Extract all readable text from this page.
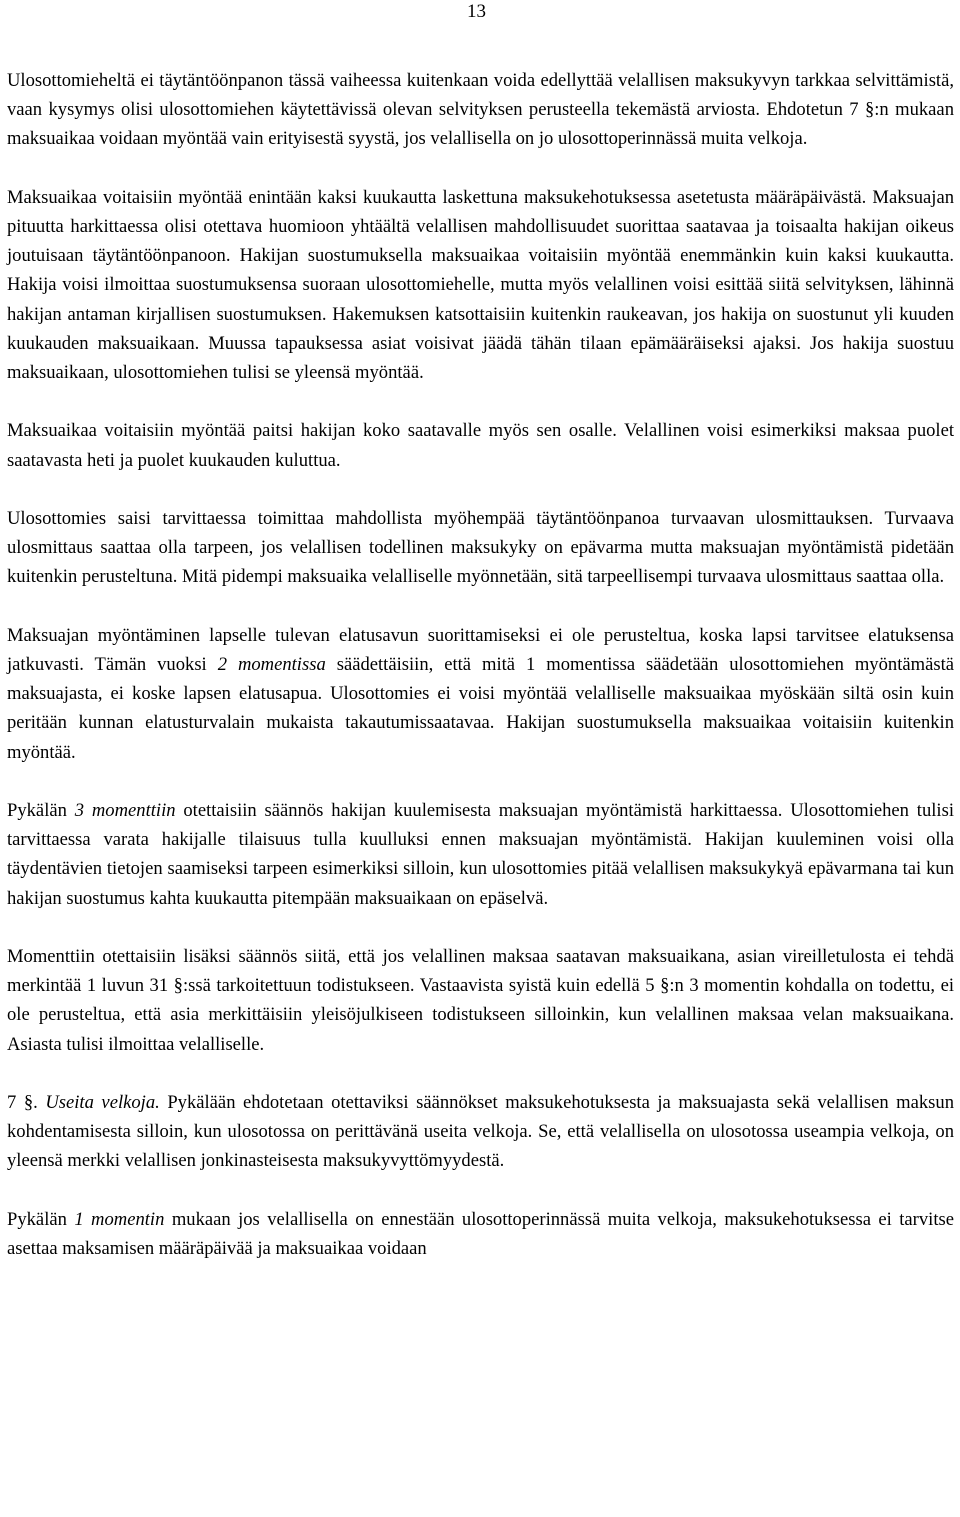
13

Ulosottomieheltä ei täytäntöönpanon tässä vaiheessa kuitenkaan voida edellyttää velallisen maksukyvyn tarkkaa selvittämistä, vaan kysymys olisi ulosottomiehen käytettävissä olevan selvityksen perusteella tekemästä arviosta. Ehdotetun 7 §:n mukaan maksuaikaa voidaan myöntää vain erityisestä syystä, jos velallisella on jo ulosottoperinnässä muita velkoja.

Maksuaikaa voitaisiin myöntää enintään kaksi kuukautta laskettuna maksukehotuksessa asetetusta määräpäivästä. Maksuajan pituutta harkittaessa olisi otettava huomioon yhtäältä velallisen mahdollisuudet suorittaa saatavaa ja toisaalta hakijan oikeus joutuisaan täytäntöönpanoon. Hakijan suostumuksella maksuaikaa voitaisiin myöntää enemmänkin kuin kaksi kuukautta. Hakija voisi ilmoittaa suostumuksensa suoraan ulosottomiehelle, mutta myös velallinen voisi esittää siitä selvityksen, lähinnä hakijan antaman kirjallisen suostumuksen. Hakemuksen katsottaisiin kuitenkin raukeavan, jos hakija on suostunut yli kuuden kuukauden maksuaikaan. Muussa tapauksessa asiat voisivat jäädä tähän tilaan epämääräiseksi ajaksi. Jos hakija suostuu maksuaikaan, ulosottomiehen tulisi se yleensä myöntää.

Maksuaikaa voitaisiin myöntää paitsi hakijan koko saatavalle myös sen osalle. Velallinen voisi esimerkiksi maksaa puolet saatavasta heti ja puolet kuukauden kuluttua.

Ulosottomies saisi tarvittaessa toimittaa mahdollista myöhempää täytäntöönpanoa turvaavan ulosmittauksen. Turvaava ulosmittaus saattaa olla tarpeen, jos velallisen todellinen maksukyky on epävarma mutta maksuajan myöntämistä pidetään kuitenkin perusteltuna. Mitä pidempi maksuaika velalliselle myönnetään, sitä tarpeellisempi turvaava ulosmittaus saattaa olla.

Maksuajan myöntäminen lapselle tulevan elatusavun suorittamiseksi ei ole perusteltua, koska lapsi tarvitsee elatuksensa jatkuvasti. Tämän vuoksi 2 momentissa säädettäisiin, että mitä 1 momentissa säädetään ulosottomiehen myöntämästä maksuajasta, ei koske lapsen elatusapua. Ulosottomies ei voisi myöntää velalliselle maksuaikaa myöskään siltä osin kuin peritään kunnan elatusturvalain mukaista takautumissaatavaa. Hakijan suostumuksella maksuaikaa voitaisiin kuitenkin myöntää.

Pykälän 3 momenttiin otettaisiin säännös hakijan kuulemisesta maksuajan myöntämistä harkittaessa. Ulosottomiehen tulisi tarvittaessa varata hakijalle tilaisuus tulla kuulluksi ennen maksuajan myöntämistä. Hakijan kuuleminen voisi olla täydentävien tietojen saamiseksi tarpeen esimerkiksi silloin, kun ulosottomies pitää velallisen maksukykyä epävarmana tai kun hakijan suostumus kahta kuukautta pitempään maksuaikaan on epäselvä.

Momenttiin otettaisiin lisäksi säännös siitä, että jos velallinen maksaa saatavan maksuaikana, asian vireilletulosta ei tehdä merkintää 1 luvun 31 §:ssä tarkoitettuun todistukseen. Vastaavista syistä kuin edellä 5 §:n 3 momentin kohdalla on todettu, ei ole perusteltua, että asia merkittäisiin yleisöjulkiseen todistukseen silloinkin, kun velallinen maksaa velan maksuaikana. Asiasta tulisi ilmoittaa velalliselle.

7 §. Useita velkoja. Pykälään ehdotetaan otettaviksi säännökset maksukehotuksesta ja maksuajasta sekä velallisen maksun kohdentamisesta silloin, kun ulosotossa on perittävänä useita velkoja. Se, että velallisella on ulosotossa useampia velkoja, on yleensä merkki velallisen jonkinasteisesta maksukyvyttömyydestä.

Pykälän 1 momentin mukaan jos velallisella on ennestään ulosottoperinnässä muita velkoja, maksukehotuksessa ei tarvitse asettaa maksamisen määräpäivää ja maksuaikaa voidaan
